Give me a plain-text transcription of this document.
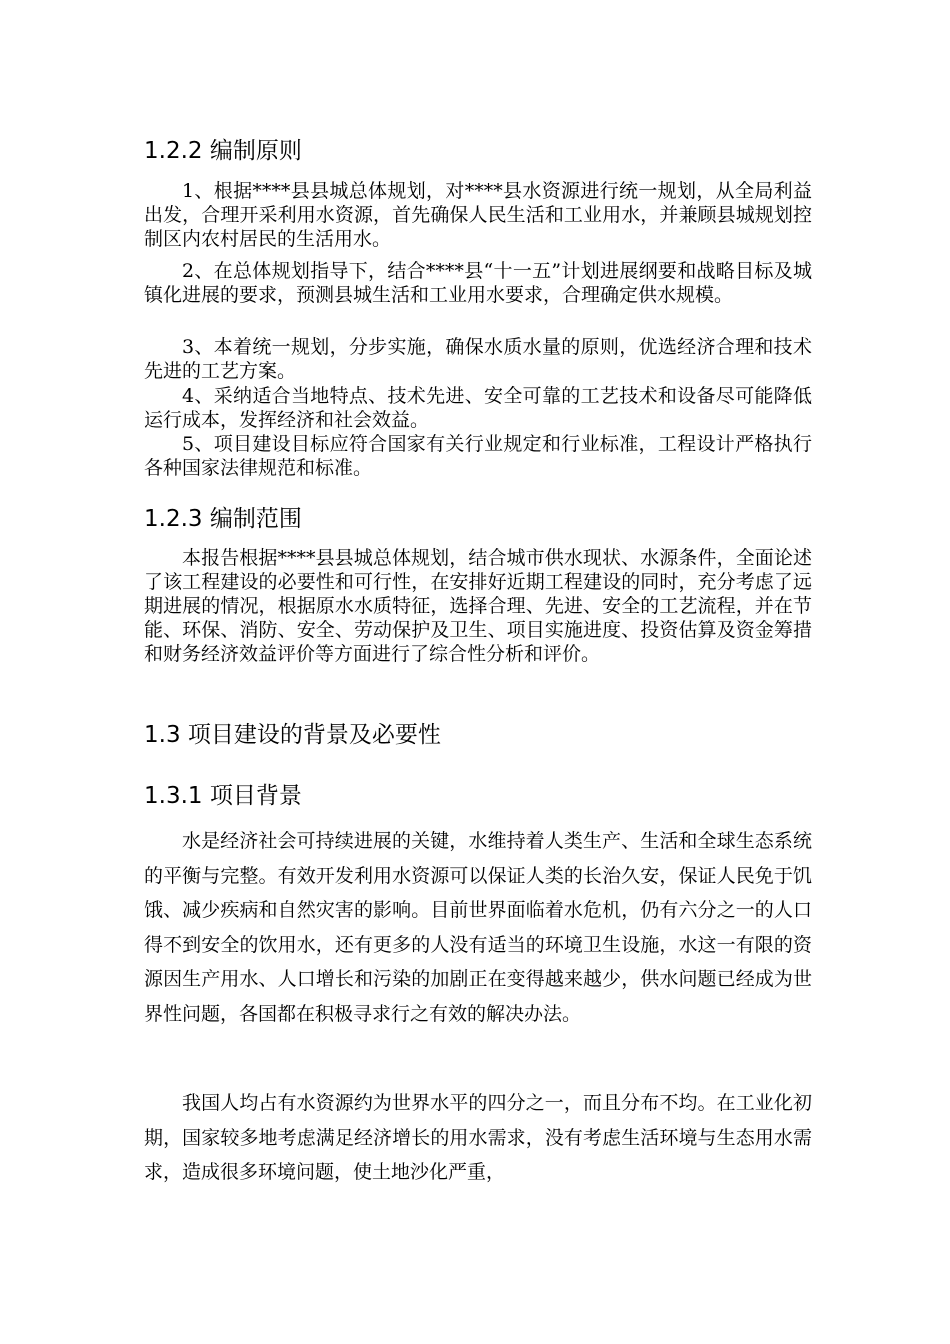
1.2.2 编制原则
1、根据****县县城总体规划，对****县水资源进行统一规划，从全局利益出发，合理开采利用水资源，首先确保人民生活和工业用水，并兼顾县城规划控制区内农村居民的生活用水。
2、在总体规划指导下，结合****县“十一五”计划进展纲要和战略目标及城镇化进展的要求，预测县城生活和工业用水要求，合理确定供水规模。
3、本着统一规划，分步实施，确保水质水量的原则，优选经济合理和技术先进的工艺方案。
4、采纳适合当地特点、技术先进、安全可靠的工艺技术和设备尽可能降低运行成本，发挥经济和社会效益。
5、项目建设目标应符合国家有关行业规定和行业标准，工程设计严格执行各种国家法律规范和标准。
1.2.3 编制范围
本报告根据****县县城总体规划，结合城市供水现状、水源条件，全面论述了该工程建设的必要性和可行性，在安排好近期工程建设的同时，充分考虑了远期进展的情况，根据原水水质特征，选择合理、先进、安全的工艺流程，并在节能、环保、消防、安全、劳动保护及卫生、项目实施进度、投资估算及资金筹措和财务经济效益评价等方面进行了综合性分析和评价。
1.3 项目建设的背景及必要性
1.3.1 项目背景
水是经济社会可持续进展的关键，水维持着人类生产、生活和全球生态系统的平衡与完整。有效开发利用水资源可以保证人类的长治久安，保证人民免于饥饿、减少疾病和自然灾害的影响。目前世界面临着水危机，仍有六分之一的人口得不到安全的饮用水，还有更多的人没有适当的环境卫生设施，水这一有限的资源因生产用水、人口增长和污染的加剧正在变得越来越少，供水问题已经成为世界性问题，各国都在积极寻求行之有效的解决办法。
我国人均占有水资源约为世界水平的四分之一，而且分布不均。在工业化初期，国家较多地考虑满足经济增长的用水需求，没有考虑生活环境与生态用水需求，造成很多环境问题，使土地沙化严重，
